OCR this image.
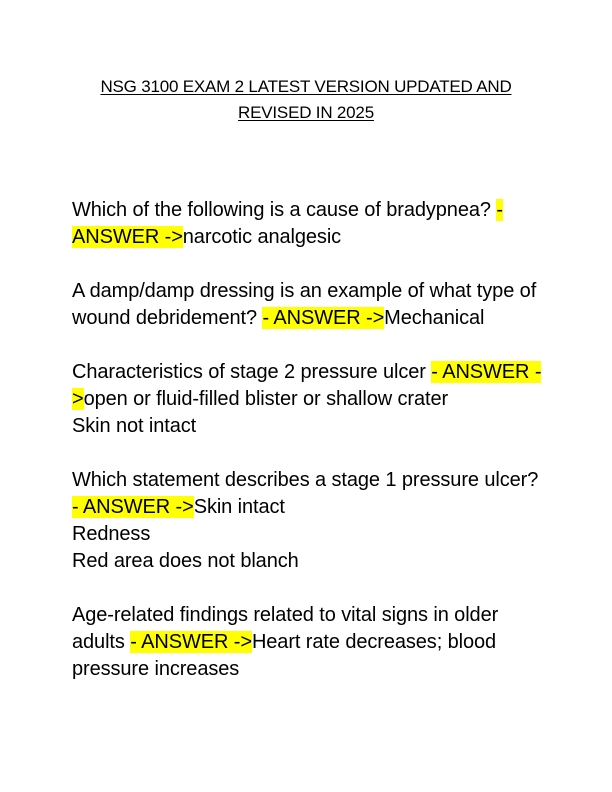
NSG 3100 EXAM 2 LATEST VERSION UPDATED AND
REVISED IN 2025
Which of the following is a cause of bradypnea? - ANSWER ->narcotic analgesic
A damp/damp dressing is an example of what type of wound debridement? - ANSWER ->Mechanical
Characteristics of stage 2 pressure ulcer - ANSWER ->open or fluid-filled blister or shallow crater
Skin not intact
Which statement describes a stage 1 pressure ulcer? - ANSWER ->Skin intact
Redness
Red area does not blanch
Age-related findings related to vital signs in older adults - ANSWER ->Heart rate decreases; blood pressure increases
